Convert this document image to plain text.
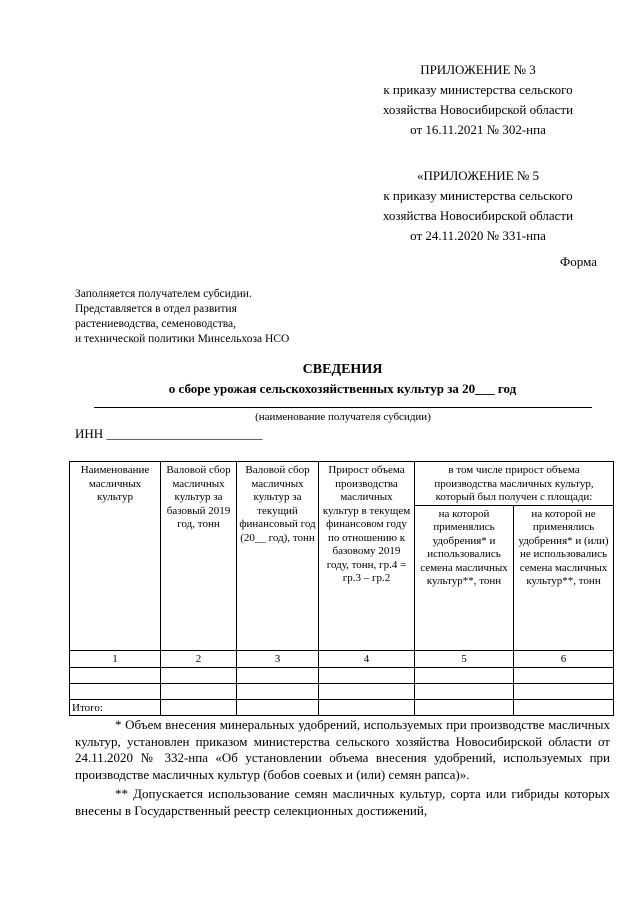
ПРИЛОЖЕНИЕ № 3
к приказу министерства сельского
хозяйства Новосибирской области
от 16.11.2021 № 302-нпа
«ПРИЛОЖЕНИЕ № 5
к приказу министерства сельского
хозяйства Новосибирской области
от 24.11.2020 № 331-нпа
Форма
Заполняется получателем субсидии.
Представляется в отдел развития
растениеводства, семеноводства,
и технической политики Минсельхоза НСО
СВЕДЕНИЯ
о сборе урожая сельскохозяйственных культур за 20___ год
(наименование получателя субсидии)
ИНН ________________________
Наименование масличных культур	Валовой сбор масличных культур за базовый 2019 год, тонн	Валовой сбор масличных культур за текущий финансовый год (20__ год), тонн	Прирост объема производства масличных культур в текущем финансовом году по отношению к базовому 2019 году, тонн, гр.4 = гр.3 – гр.2	в том числе прирост объема производства масличных культур, который был получен с площади:	
				на которой применялись удобрения* и использовались семена масличных культур**, тонн	на которой не применялись удобрения* и (или) не использовались семена масличных культур**, тонн
1	2	3	4	5	6

Итого:					

* Объем внесения минеральных удобрений, используемых при производстве масличных культур, установлен приказом министерства сельского хозяйства Новосибирской области от 24.11.2020 № 332-нпа «Об установлении объема внесения удобрений, используемых при производстве масличных культур (бобов соевых и (или) семян рапса)».

** Допускается использование семян масличных культур, сорта или гибриды которых внесены в Государственный реестр селекционных достижений,
